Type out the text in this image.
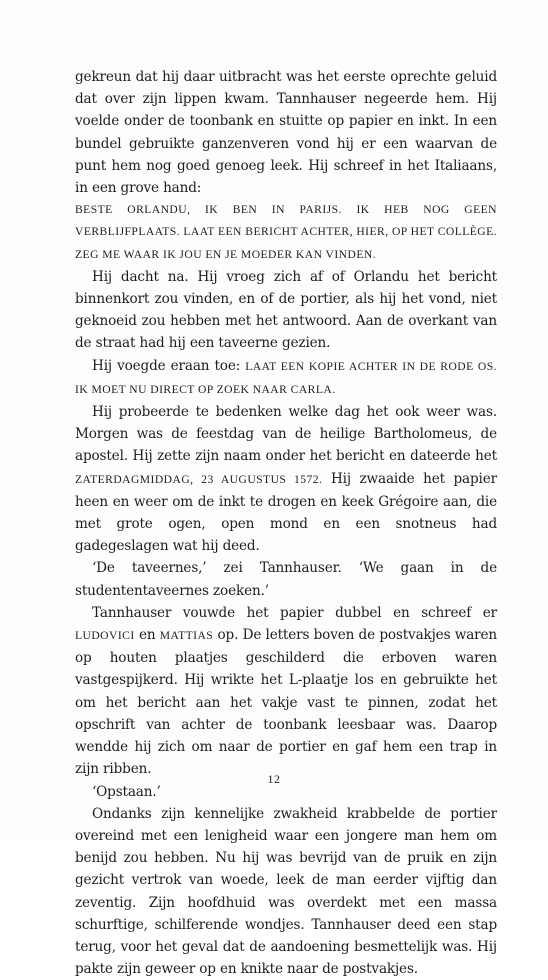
gekreun dat hij daar uitbracht was het eerste oprechte geluid dat over zijn lippen kwam. Tannhauser negeerde hem. Hij voelde onder de toonbank en stuitte op papier en inkt. In een bundel gebruikte ganzenveren vond hij er een waarvan de punt hem nog goed genoeg leek. Hij schreef in het Italiaans, in een grove hand:

BESTE ORLANDU, IK BEN IN PARIJS. IK HEB NOG GEEN VERBLIJFPLAATS. LAAT EEN BERICHT ACHTER, HIER, OP HET COLLÈGE. ZEG ME WAAR IK JOU EN JE MOEDER KAN VINDEN.

Hij dacht na. Hij vroeg zich af of Orlandu het bericht binnenkort zou vinden, en of de portier, als hij het vond, niet geknoeid zou hebben met het antwoord. Aan de overkant van de straat had hij een taveerne gezien.

Hij voegde eraan toe: LAAT EEN KOPIE ACHTER IN DE RODE OS. IK MOET NU DIRECT OP ZOEK NAAR CARLA.

Hij probeerde te bedenken welke dag het ook weer was. Morgen was de feestdag van de heilige Bartholomeus, de apostel. Hij zette zijn naam onder het bericht en dateerde het ZATERDAGMIDDAG, 23 AUGUSTUS 1572. Hij zwaaide het papier heen en weer om de inkt te drogen en keek Grégoire aan, die met grote ogen, open mond en een snotneus had gadegeslagen wat hij deed.

‘De taveernes,’ zei Tannhauser. ‘We gaan in de studententaveernes zoeken.’

Tannhauser vouwde het papier dubbel en schreef er LUDOVICI en MATTIAS op. De letters boven de postvakjes waren op houten plaatjes geschilderd die erboven waren vastgespijkerd. Hij wrikte het L-plaatje los en gebruikte het om het bericht aan het vakje vast te pinnen, zodat het opschrift van achter de toonbank leesbaar was. Daarop wendde hij zich om naar de portier en gaf hem een trap in zijn ribben.

‘Opstaan.’

Ondanks zijn kennelijke zwakheid krabbelde de portier overeind met een lenigheid waar een jongere man hem om benijd zou hebben. Nu hij was bevrijd van de pruik en zijn gezicht vertrok van woede, leek de man eerder vijftig dan zeventig. Zijn hoofdhuid was overdekt met een massa schurftige, schilferende wondjes. Tannhauser deed een stap terug, voor het geval dat de aandoening besmettelijk was. Hij pakte zijn geweer op en knikte naar de postvakjes.

12
